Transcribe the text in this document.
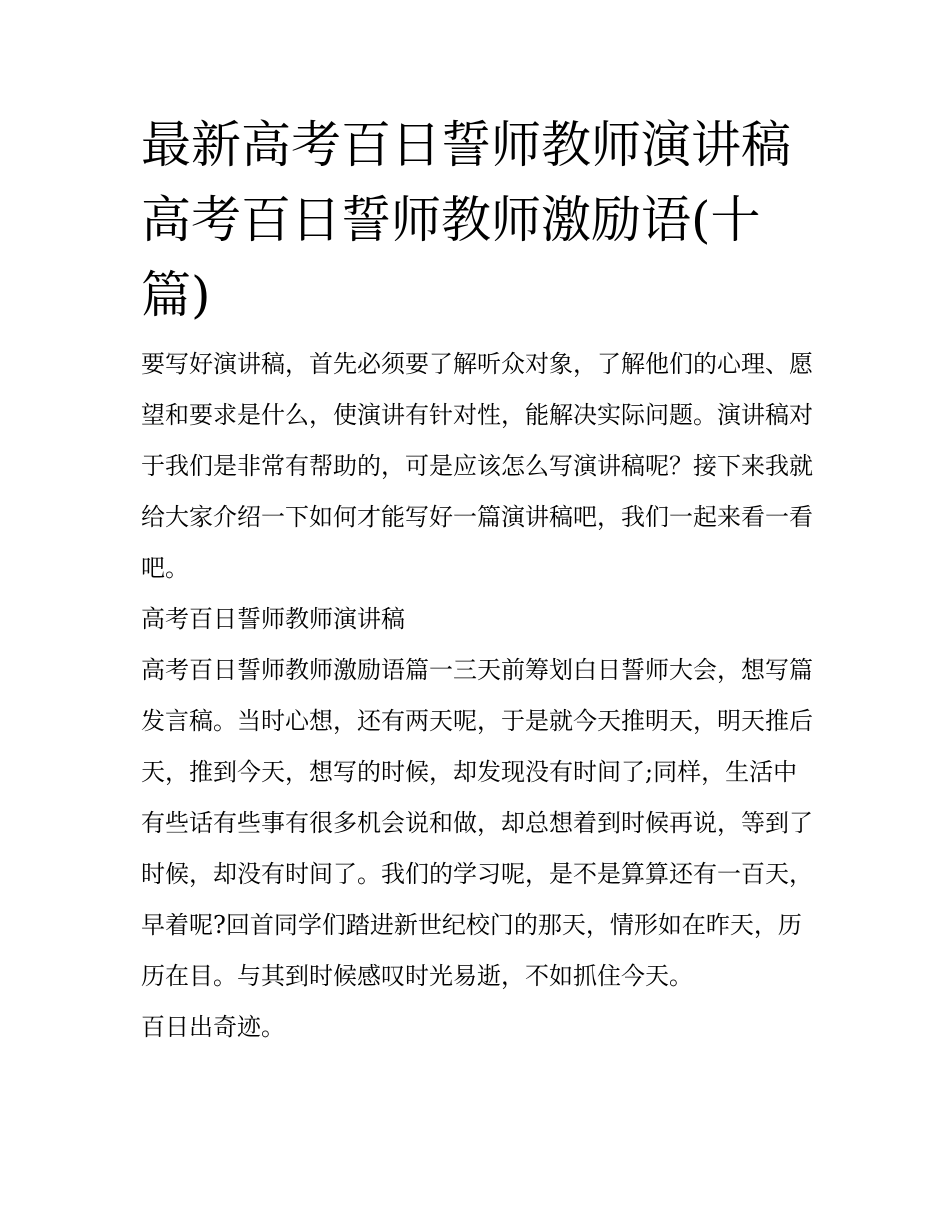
最新高考百日誓师教师演讲稿高考百日誓师教师激励语(十篇)

要写好演讲稿，首先必须要了解听众对象，了解他们的心理、愿望和要求是什么，使演讲有针对性，能解决实际问题。演讲稿对于我们是非常有帮助的，可是应该怎么写演讲稿呢？接下来我就给大家介绍一下如何才能写好一篇演讲稿吧，我们一起来看一看吧。

高考百日誓师教师演讲稿

高考百日誓师教师激励语篇一三天前筹划白日誓师大会，想写篇发言稿。当时心想，还有两天呢，于是就今天推明天，明天推后天，推到今天，想写的时候，却发现没有时间了;同样，生活中有些话有些事有很多机会说和做，却总想着到时候再说，等到了时候，却没有时间了。我们的学习呢，是不是算算还有一百天，早着呢?回首同学们踏进新世纪校门的那天，情形如在昨天，历历在目。与其到时候感叹时光易逝，不如抓住今天。

百日出奇迹。
